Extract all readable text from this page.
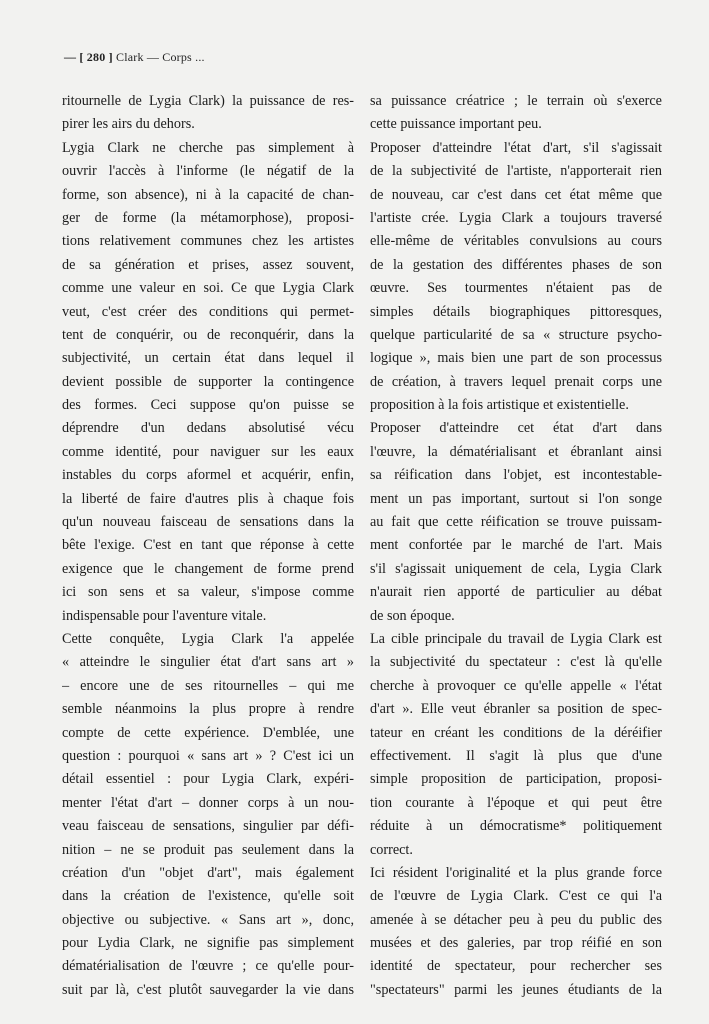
— [ 280 ] Clark — Corps ...
ritournelle de Lygia Clark) la puissance de res-
pirer les airs du dehors.
Lygia Clark ne cherche pas simplement à
ouvrir l'accès à l'informe (le négatif de la
forme, son absence), ni à la capacité de chan-
ger de forme (la métamorphose), proposi-
tions relativement communes chez les artistes
de sa génération et prises, assez souvent,
comme une valeur en soi. Ce que Lygia Clark
veut, c'est créer des conditions qui permet-
tent de conquérir, ou de reconquérir, dans la
subjectivité, un certain état dans lequel il
devient possible de supporter la contingence
des formes. Ceci suppose qu'on puisse se
déprendre d'un dedans absolutisé vécu
comme identité, pour naviguer sur les eaux
instables du corps aformel et acquérir, enfin,
la liberté de faire d'autres plis à chaque fois
qu'un nouveau faisceau de sensations dans la
bête l'exige. C'est en tant que réponse à cette
exigence que le changement de forme prend
ici son sens et sa valeur, s'impose comme
indispensable pour l'aventure vitale.
Cette conquête, Lygia Clark l'a appelée
« atteindre le singulier état d'art sans art »
– encore une de ses ritournelles – qui me
semble néanmoins la plus propre à rendre
compte de cette expérience. D'emblée, une
question : pourquoi « sans art » ? C'est ici un
détail essentiel : pour Lygia Clark, expéri-
menter l'état d'art – donner corps à un nou-
veau faisceau de sensations, singulier par défi-
nition – ne se produit pas seulement dans la
création d'un "objet d'art", mais également
dans la création de l'existence, qu'elle soit
objective ou subjective. « Sans art », donc,
pour Lydia Clark, ne signifie pas simplement
dématérialisation de l'œuvre ; ce qu'elle pour-
suit par là, c'est plutôt sauvegarder la vie dans
sa puissance créatrice ; le terrain où s'exerce
cette puissance important peu.
Proposer d'atteindre l'état d'art, s'il s'agissait
de la subjectivité de l'artiste, n'apporterait rien
de nouveau, car c'est dans cet état même que
l'artiste crée. Lygia Clark a toujours traversé
elle-même de véritables convulsions au cours
de la gestation des différentes phases de son
œuvre. Ses tourmentes n'étaient pas de
simples détails biographiques pittoresques,
quelque particularité de sa « structure psycho-
logique », mais bien une part de son processus
de création, à travers lequel prenait corps une
proposition à la fois artistique et existentielle.
Proposer d'atteindre cet état d'art dans
l'œuvre, la dématérialisant et ébranlant ainsi
sa réification dans l'objet, est incontestable-
ment un pas important, surtout si l'on songe
au fait que cette réification se trouve puissam-
ment confortée par le marché de l'art. Mais
s'il s'agissait uniquement de cela, Lygia Clark
n'aurait rien apporté de particulier au débat
de son époque.
La cible principale du travail de Lygia Clark est
la subjectivité du spectateur : c'est là qu'elle
cherche à provoquer ce qu'elle appelle « l'état
d'art ». Elle veut ébranler sa position de spec-
tateur en créant les conditions de la déréifier
effectivement. Il s'agit là plus que d'une
simple proposition de participation, proposi-
tion courante à l'époque et qui peut être
réduite à un démocratisme* politiquement
correct.
Ici résident l'originalité et la plus grande force
de l'œuvre de Lygia Clark. C'est ce qui l'a
amenée à se détacher peu à peu du public des
musées et des galeries, par trop réifié en son
identité de spectateur, pour rechercher ses
"spectateurs" parmi les jeunes étudiants de la
